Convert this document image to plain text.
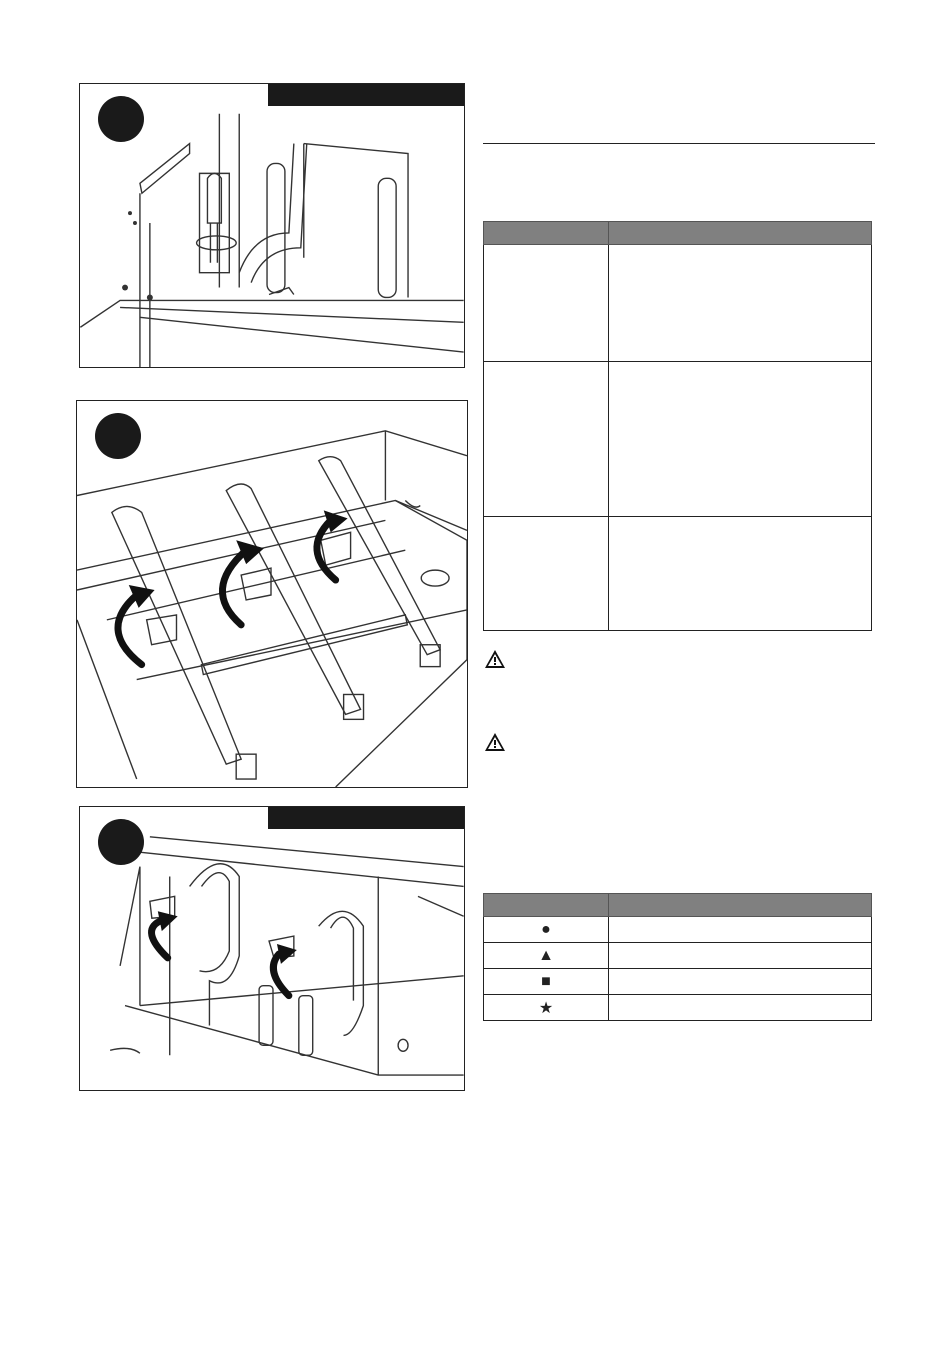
●	
▲	
■	
★	
